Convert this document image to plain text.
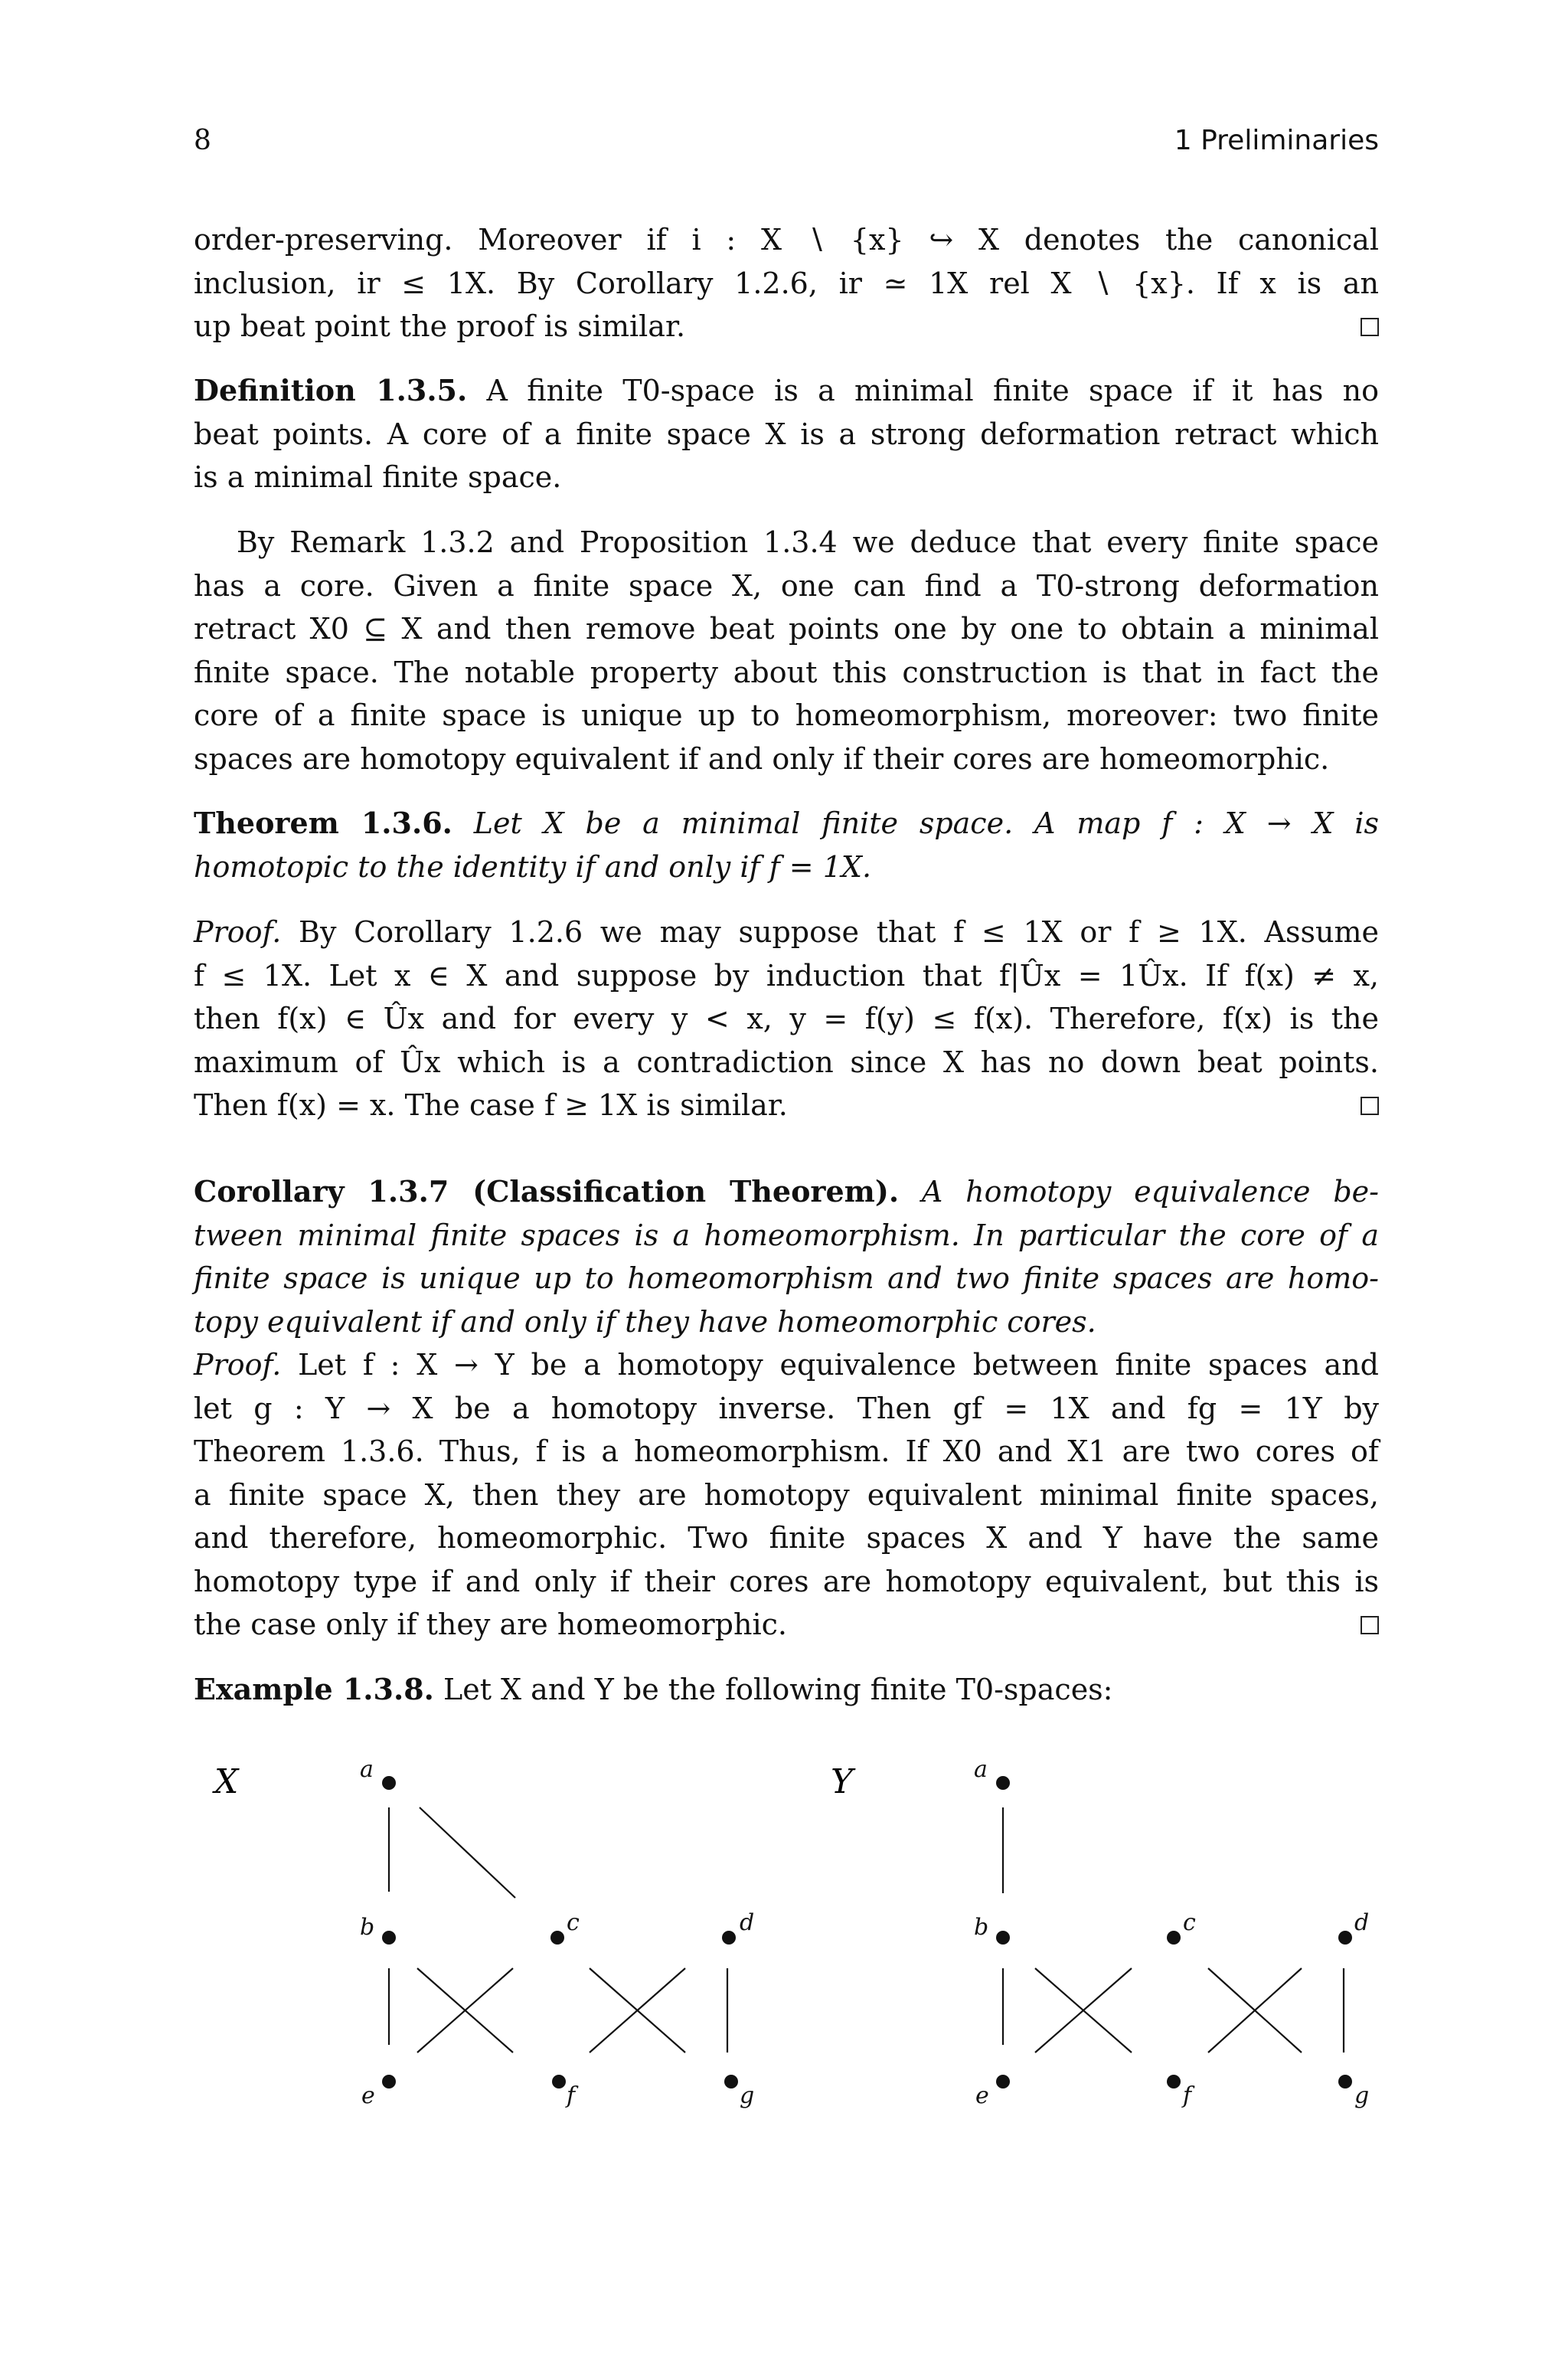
8	1 Preliminaries
order-preserving. Moreover if i : X ∖ {x} ↪ X denotes the canonical
inclusion, ir ≤ 1X. By Corollary 1.2.6, ir ≃ 1X rel X ∖ {x}. If x is an
up beat point the proof is similar.
Definition 1.3.5. A finite T0-space is a minimal finite space if it has no
beat points. A core of a finite space X is a strong deformation retract which
is a minimal finite space.
By Remark 1.3.2 and Proposition 1.3.4 we deduce that every finite space
has a core. Given a finite space X, one can find a T0-strong deformation
retract X0 ⊆ X and then remove beat points one by one to obtain a minimal
finite space. The notable property about this construction is that in fact the
core of a finite space is unique up to homeomorphism, moreover: two finite
spaces are homotopy equivalent if and only if their cores are homeomorphic.
Theorem 1.3.6. Let X be a minimal finite space. A map f : X → X is
homotopic to the identity if and only if f = 1X.
Proof. By Corollary 1.2.6 we may suppose that f ≤ 1X or f ≥ 1X. Assume
f ≤ 1X. Let x ∈ X and suppose by induction that f|Ûx = 1Ûx. If f(x) ≠ x,
then f(x) ∈ Ûx and for every y < x, y = f(y) ≤ f(x). Therefore, f(x) is the
maximum of Ûx which is a contradiction since X has no down beat points.
Then f(x) = x. The case f ≥ 1X is similar.
Corollary 1.3.7 (Classification Theorem). A homotopy equivalence be-
tween minimal finite spaces is a homeomorphism. In particular the core of a
finite space is unique up to homeomorphism and two finite spaces are homo-
topy equivalent if and only if they have homeomorphic cores.
Proof. Let f : X → Y be a homotopy equivalence between finite spaces and
let g : Y → X be a homotopy inverse. Then gf = 1X and fg = 1Y by
Theorem 1.3.6. Thus, f is a homeomorphism. If X0 and X1 are two cores of
a finite space X, then they are homotopy equivalent minimal finite spaces,
and therefore, homeomorphic. Two finite spaces X and Y have the same
homotopy type if and only if their cores are homotopy equivalent, but this is
the case only if they are homeomorphic.
Example 1.3.8. Let X and Y be the following finite T0-spaces:
X	a
b	c	d
e	f	g
Y	a
b	c	d
e	f	g
